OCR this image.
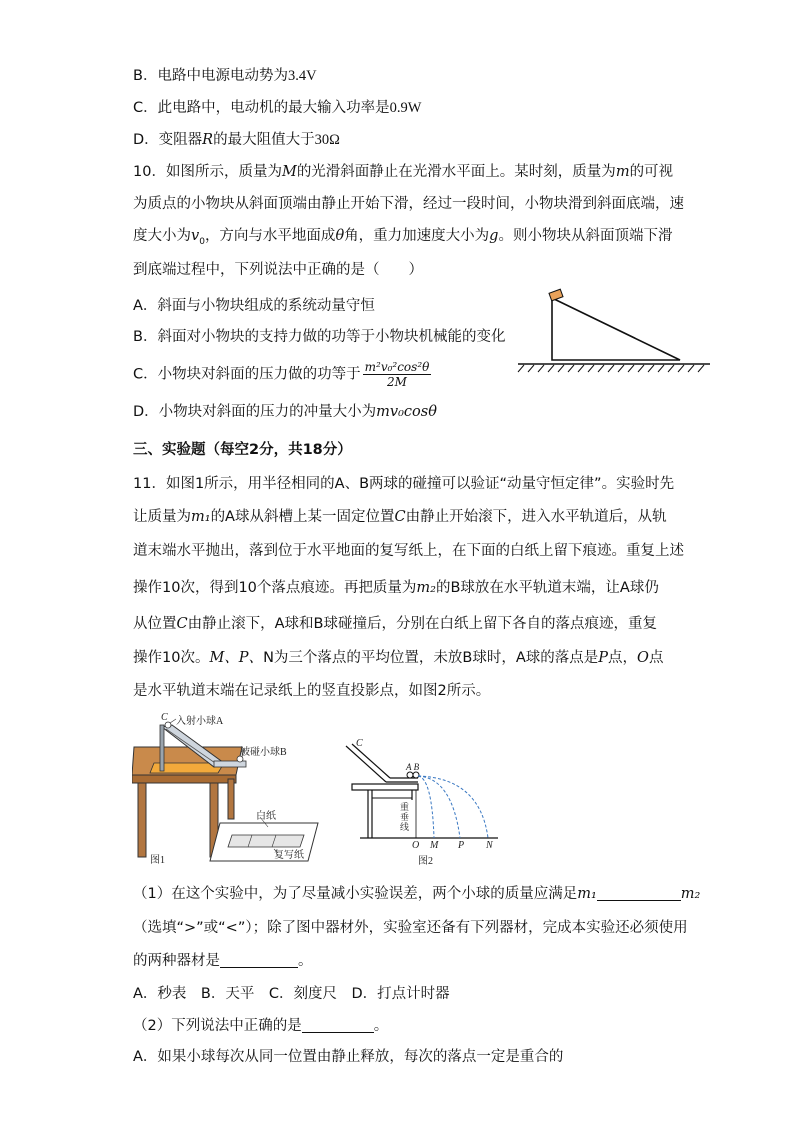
B．电路中电源电动势为3.4V
C．此电路中，电动机的最大输入功率是0.9W
D．变阻器R的最大阻值大于30Ω
10．如图所示，质量为M的光滑斜面静止在光滑水平面上。某时刻，质量为m的可视
为质点的小物块从斜面顶端由静止开始下滑，经过一段时间，小物块滑到斜面底端，速
度大小为$v_0$，方向与水平地面成θ角，重力加速度大小为g。则小物块从斜面顶端下滑
到底端过程中，下列说法中正确的是（　　）
A．斜面与小物块组成的系统动量守恒
B．斜面对小物块的支持力做的功等于小物块机械能的变化
C．小物块对斜面的压力做的功等于 $\frac{\text{m²v₀²cos²θ}}{2M}$
D．小物块对斜面的压力的冲量大小为mv₀cosθ
三、实验题（每空2分，共18分）
11．如图1所示，用半径相同的A、B两球的碰撞可以验证“动量守恒定律”。实验时先
让质量为m₁的A球从斜槽上某一固定位置C由静止开始滚下，进入水平轨道后，从轨
道末端水平抛出，落到位于水平地面的复写纸上，在下面的白纸上留下痕迹。重复上述
操作10次，得到10个落点痕迹。再把质量为m₂的B球放在水平轨道末端，让A球仍
从位置C由静止滚下，A球和B球碰撞后，分别在白纸上留下各自的落点痕迹，重复
操作10次。M、P、N为三个落点的平均位置，未放B球时，A球的落点是P点，O点
是水平轨道末端在记录纸上的竖直投影点，如图2所示。
C 入射小球A
被碰小球B
白纸
复写纸
图1
C
A B
重垂线
O M P N
图2
（1）在这个实验中，为了尽量减小实验误差，两个小球的质量应满足m₁	m₂
（选填“>”或“<”）；除了图中器材外，实验室还备有下列器材，完成本实验还必须使用
的两种器材是	。
A．秒表　B．天平　C．刻度尺　D．打点计时器
（2）下列说法中正确的是	。
A．如果小球每次从同一位置由静止释放，每次的落点一定是重合的
